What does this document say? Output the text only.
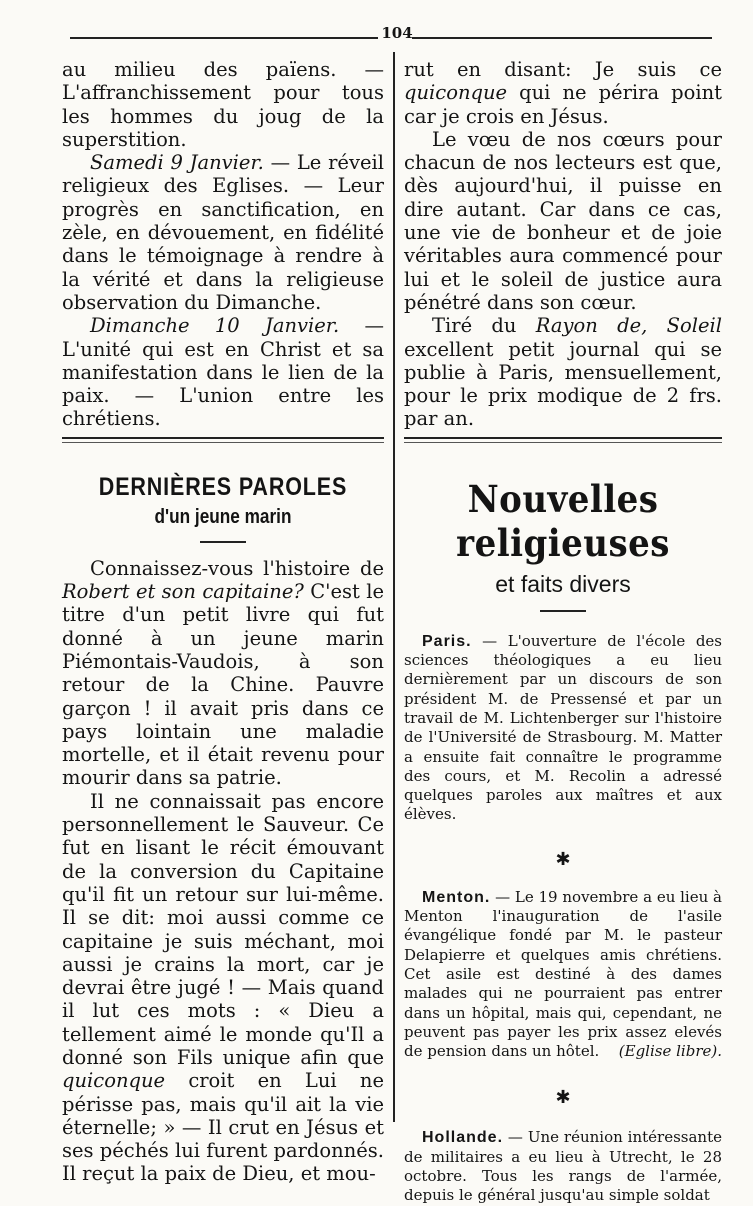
104

au milieu des païens. — L'affranchissement pour tous les hommes du joug de la superstition.

Samedi 9 Janvier. — Le réveil religieux des Eglises. — Leur progrès en sanctification, en zèle, en dévouement, en fidélité dans le témoignage à rendre à la vérité et dans la religieuse observation du Dimanche.

Dimanche 10 Janvier. — L'unité qui est en Christ et sa manifestation dans le lien de la paix. — L'union entre les chrétiens.

DERNIÈRES PAROLES
d'un jeune marin

Connaissez-vous l'histoire de Robert et son capitaine? C'est le titre d'un petit livre qui fut donné à un jeune marin Piémontais-Vaudois, à son retour de la Chine. Pauvre garçon ! il avait pris dans ce pays lointain une maladie mortelle, et il était revenu pour mourir dans sa patrie.

Il ne connaissait pas encore personnellement le Sauveur. Ce fut en lisant le récit émouvant de la conversion du Capitaine qu'il fit un retour sur lui-même. Il se dit: moi aussi comme ce capitaine je suis méchant, moi aussi je crains la mort, car je devrai être jugé ! — Mais quand il lut ces mots : « Dieu a tellement aimé le monde qu'Il a donné son Fils unique afin que quiconque croit en Lui ne périsse pas, mais qu'il ait la vie éternelle; » — Il crut en Jésus et ses péchés lui furent pardonnés. Il reçut la paix de Dieu, et mou-

rut en disant: Je suis ce quiconque qui ne périra point car je crois en Jésus.

Le vœu de nos cœurs pour chacun de nos lecteurs est que, dès aujourd'hui, il puisse en dire autant. Car dans ce cas, une vie de bonheur et de joie véritables aura commencé pour lui et le soleil de justice aura pénétré dans son cœur.

Tiré du Rayon de, Soleil excellent petit journal qui se publie à Paris, mensuellement, pour le prix modique de 2 frs. par an.

Nouvelles religieuses
et faits divers

Paris. — L'ouverture de l'école des sciences théologiques a eu lieu dernièrement par un discours de son président M. de Pressensé et par un travail de M. Lichtenberger sur l'histoire de l'Université de Strasbourg. M. Matter a ensuite fait connaître le programme des cours, et M. Recolin a adressé quelques paroles aux maîtres et aux élèves.

✱

Menton. — Le 19 novembre a eu lieu à Menton l'inauguration de l'asile évangélique fondé par M. le pasteur Delapierre et quelques amis chrétiens. Cet asile est destiné à des dames malades qui ne pourraient pas entrer dans un hôpital, mais qui, cependant, ne peuvent pas payer les prix assez elevés de pension dans un hôtel.	(Eglise libre).

✱

Hollande. — Une réunion intéressante de militaires a eu lieu à Utrecht, le 28 octobre. Tous les rangs de l'armée, depuis le général jusqu'au simple soldat
